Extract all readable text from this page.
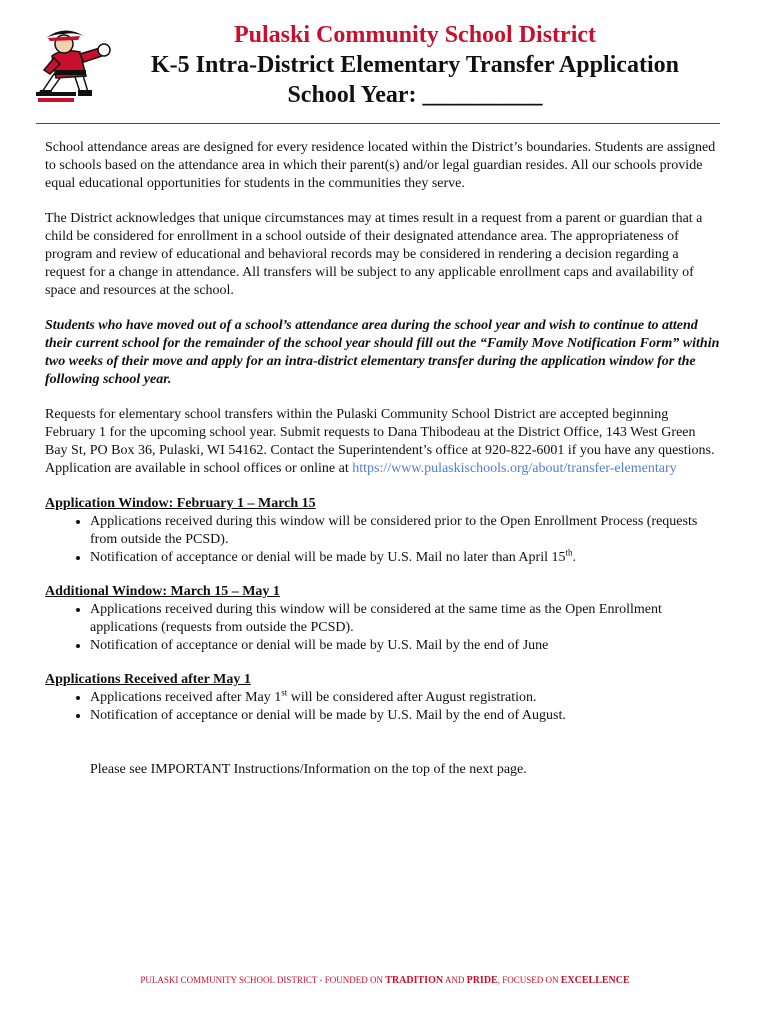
Pulaski Community School District
K-5 Intra-District Elementary Transfer Application
School Year: __________

School attendance areas are designed for every residence located within the District’s boundaries. Students are assigned to schools based on the attendance area in which their parent(s) and/or legal guardian resides. All our schools provide equal educational opportunities for students in the communities they serve.

The District acknowledges that unique circumstances may at times result in a request from a parent or guardian that a child be considered for enrollment in a school outside of their designated attendance area. The appropriateness of program and review of educational and behavioral records may be considered in rendering a decision regarding a request for a change in attendance. All transfers will be subject to any applicable enrollment caps and availability of space and resources at the school.

Students who have moved out of a school’s attendance area during the school year and wish to continue to attend their current school for the remainder of the school year should fill out the “Family Move Notification Form” within two weeks of their move and apply for an intra-district elementary transfer during the application window for the following school year.

Requests for elementary school transfers within the Pulaski Community School District are accepted beginning February 1 for the upcoming school year. Submit requests to Dana Thibodeau at the District Office, 143 West Green Bay St, PO Box 36, Pulaski, WI 54162. Contact the Superintendent’s office at 920-822-6001 if you have any questions. Application are available in school offices or online at https://www.pulaskischools.org/about/transfer-elementary

Application Window: February 1 – March 15
• Applications received during this window will be considered prior to the Open Enrollment Process (requests from outside the PCSD).
• Notification of acceptance or denial will be made by U.S. Mail no later than April 15th.
Additional Window: March 15 – May 1
• Applications received during this window will be considered at the same time as the Open Enrollment applications (requests from outside the PCSD).
• Notification of acceptance or denial will be made by U.S. Mail by the end of June
Applications Received after May 1
• Applications received after May 1st will be considered after August registration.
• Notification of acceptance or denial will be made by U.S. Mail by the end of August.

Please see IMPORTANT Instructions/Information on the top of the next page.

PULASKI COMMUNITY SCHOOL DISTRICT - FOUNDED ON TRADITION AND PRIDE, FOCUSED ON EXCELLENCE
